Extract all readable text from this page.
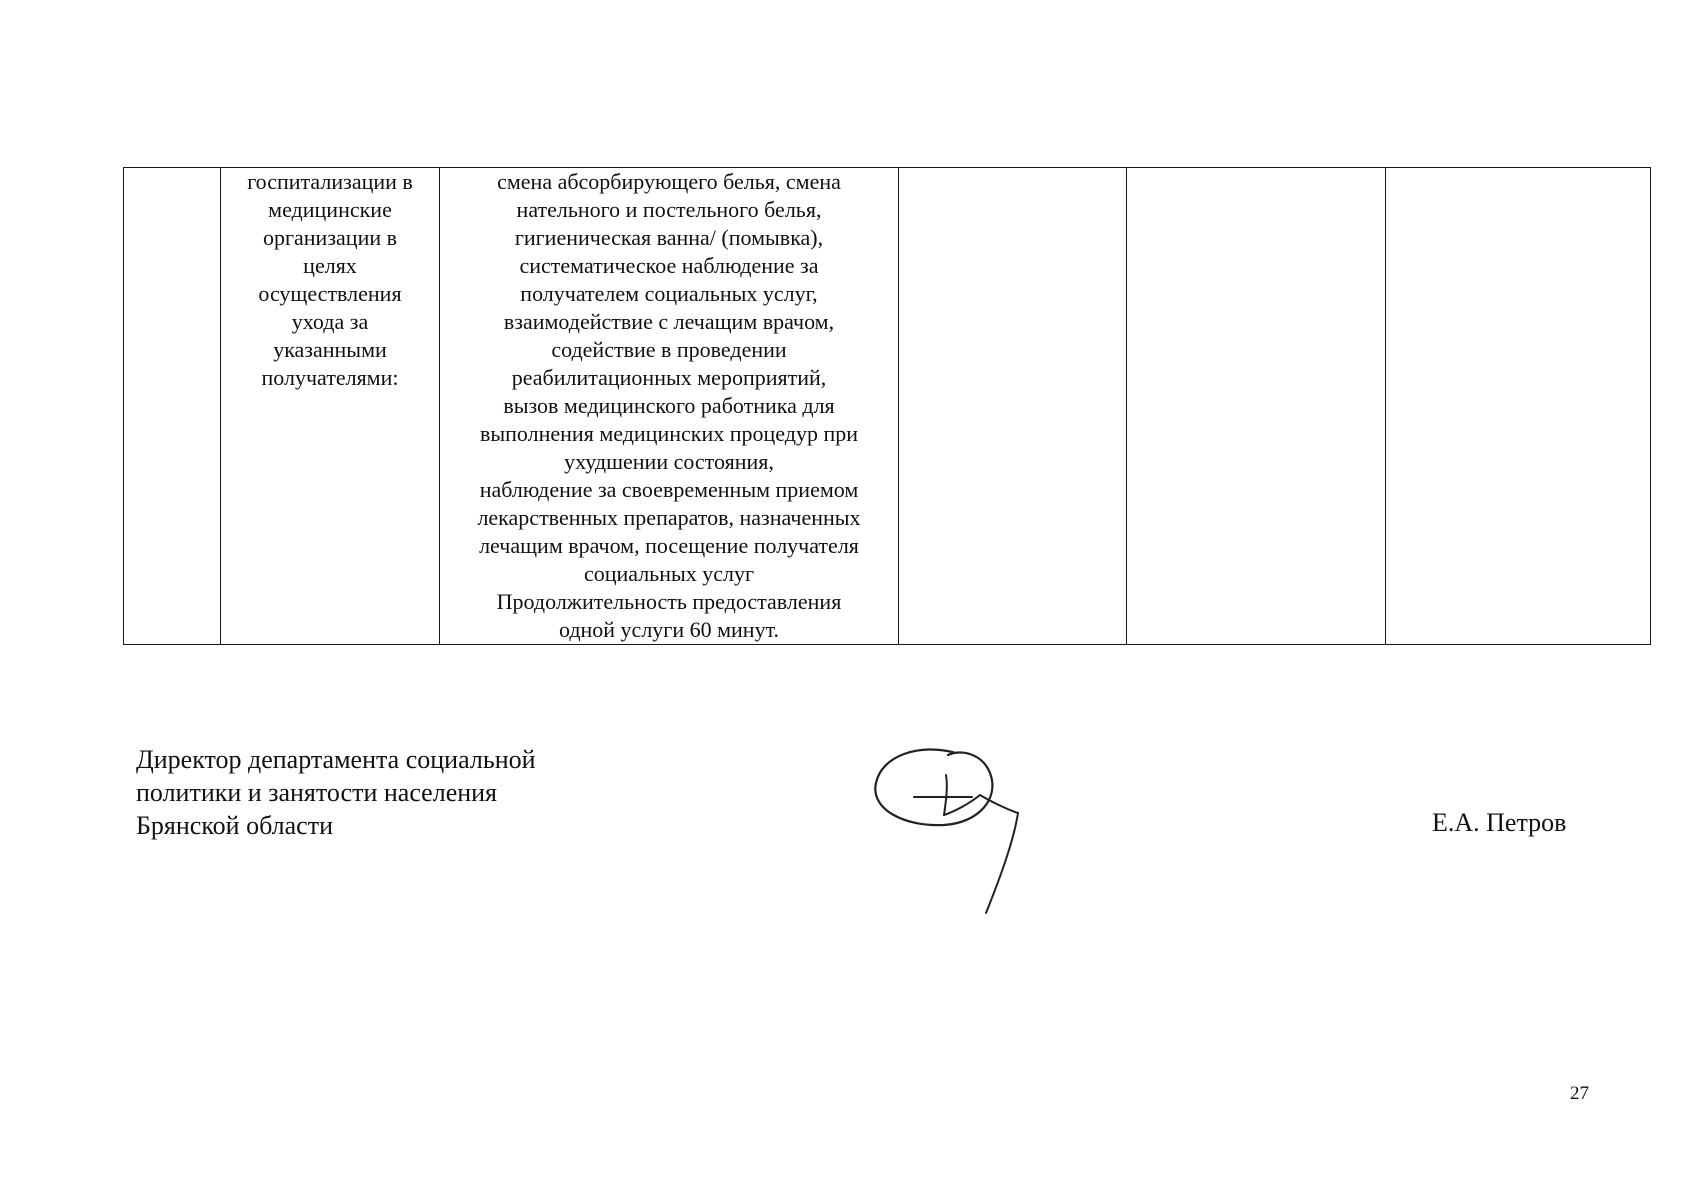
госпитализации в
медицинские
организации в
целях
осуществления
ухода за
указанными
получателями:

смена абсорбирующего белья, смена
нательного и постельного белья,
гигиеническая ванна/ (помывка),
систематическое наблюдение за
получателем социальных услуг,
взаимодействие с лечащим врачом,
содействие в проведении
реабилитационных мероприятий,
вызов медицинского работника для
выполнения медицинских процедур при
ухудшении состояния,
наблюдение за своевременным приемом
лекарственных препаратов, назначенных
лечащим врачом, посещение получателя
социальных услуг
Продолжительность предоставления
одной услуги 60 минут.

Директор департамента социальной
политики и занятости населения
Брянской области	Е.А. Петров
27
